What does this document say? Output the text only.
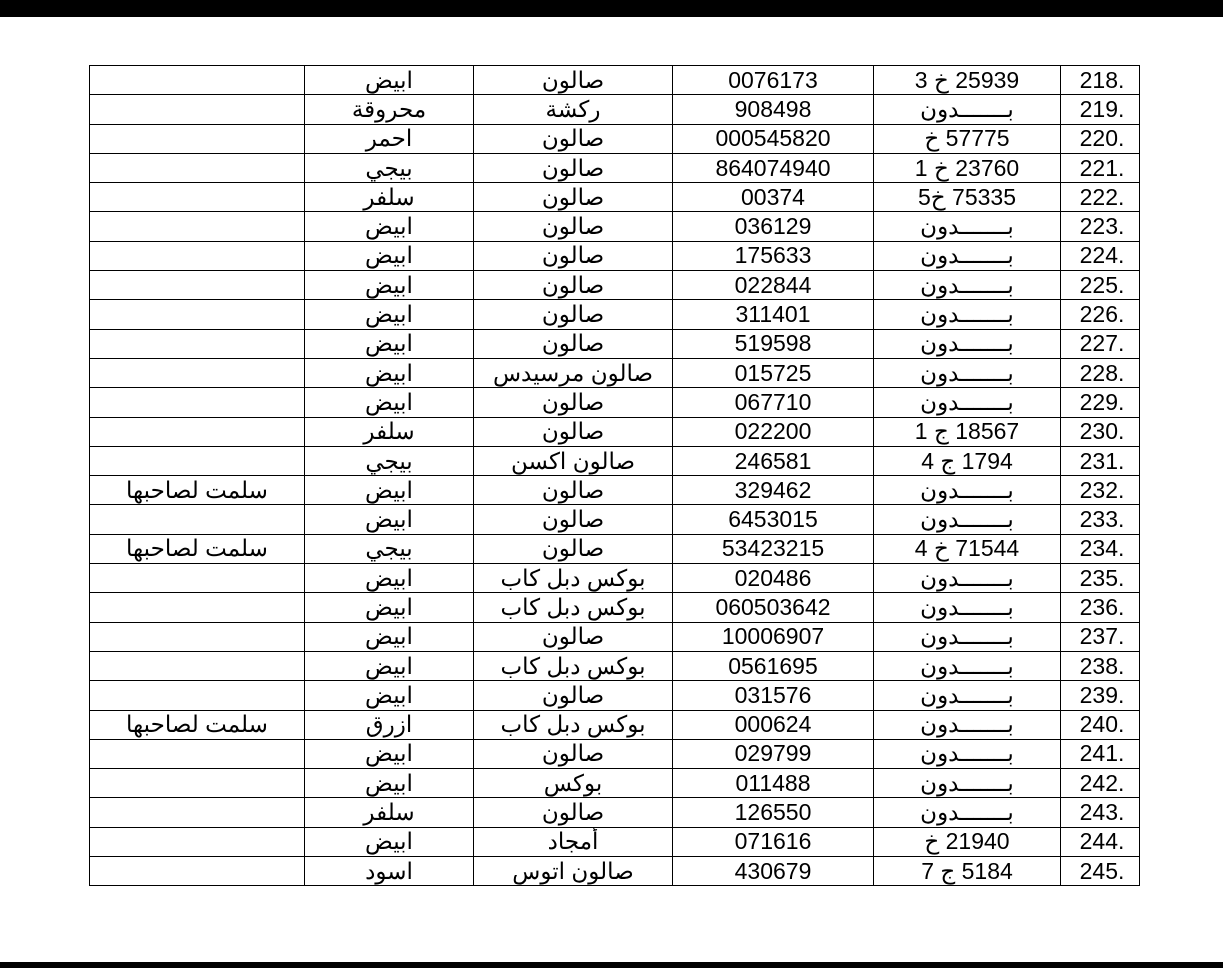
218.	25939 خ 3	0076173	صالون	ابيض	
219.	بـــــــدون	908498	ركشة	محروقة	
220.	57775 خ	000545820	صالون	احمر	
221.	23760 خ 1	864074940	صالون	بيجي	
222.	75335 خ5	00374	صالون	سلفر	
223.	بـــــــدون	036129	صالون	ابيض	
224.	بـــــــدون	175633	صالون	ابيض	
225.	بـــــــدون	022844	صالون	ابيض	
226.	بـــــــدون	311401	صالون	ابيض	
227.	بـــــــدون	519598	صالون	ابيض	
228.	بـــــــدون	015725	صالون مرسيدس	ابيض	
229.	بـــــــدون	067710	صالون	ابيض	
230.	18567 ج 1	022200	صالون	سلفر	
231.	1794 ج 4	246581	صالون اكسن	بيجي	
232.	بـــــــدون	329462	صالون	ابيض	سلمت لصاحبها
233.	بـــــــدون	6453015	صالون	ابيض	
234.	71544 خ 4	53423215	صالون	بيجي	سلمت لصاحبها
235.	بـــــــدون	020486	بوكس دبل كاب	ابيض	
236.	بـــــــدون	060503642	بوكس دبل كاب	ابيض	
237.	بـــــــدون	10006907	صالون	ابيض	
238.	بـــــــدون	0561695	بوكس دبل كاب	ابيض	
239.	بـــــــدون	031576	صالون	ابيض	
240.	بـــــــدون	000624	بوكس دبل كاب	ازرق	سلمت لصاحبها
241.	بـــــــدون	029799	صالون	ابيض	
242.	بـــــــدون	011488	بوكس	ابيض	
243.	بـــــــدون	126550	صالون	سلفر	
244.	21940 خ	071616	أمجاد	ابيض	
245.	5184 ج 7	430679	صالون اتوس	اسود	
